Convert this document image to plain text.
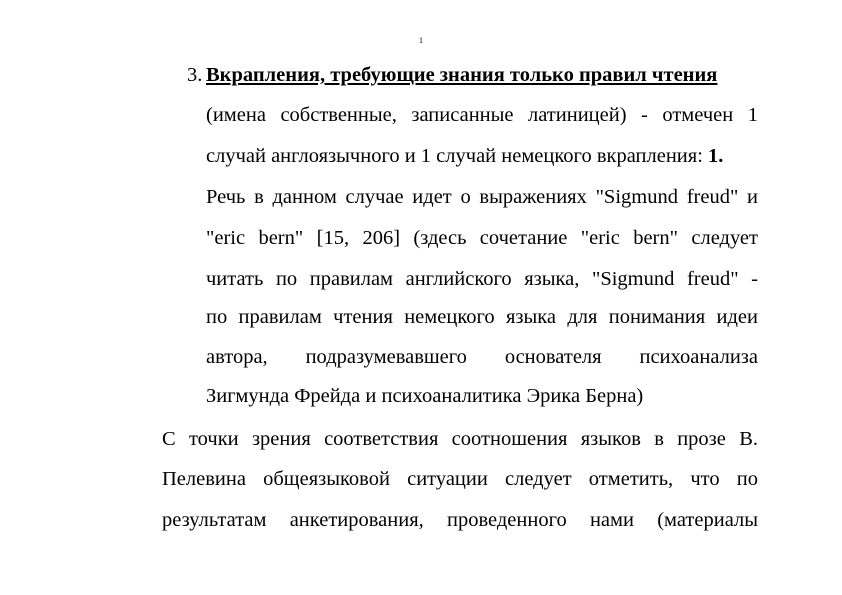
1
3. Вкрапления, требующие знания только правил чтения
(имена собственные, записанные латиницей) - отмечен 1
случай англоязычного и 1 случай немецкого вкрапления: 1.
Речь в данном случае идет о выражениях "Sigmund freud" и
"eric bern" [15, 206] (здесь сочетание "eric bern" следует
читать по правилам английского языка, "Sigmund freud" -
по правилам чтения немецкого языка для понимания идеи
автора, подразумевавшего основателя психоанализа
Зигмунда Фрейда и психоаналитика Эрика Берна)
С точки зрения соответствия соотношения языков в прозе В.
Пелевина общеязыковой ситуации следует отметить, что по
результатам анкетирования, проведенного нами (материалы
